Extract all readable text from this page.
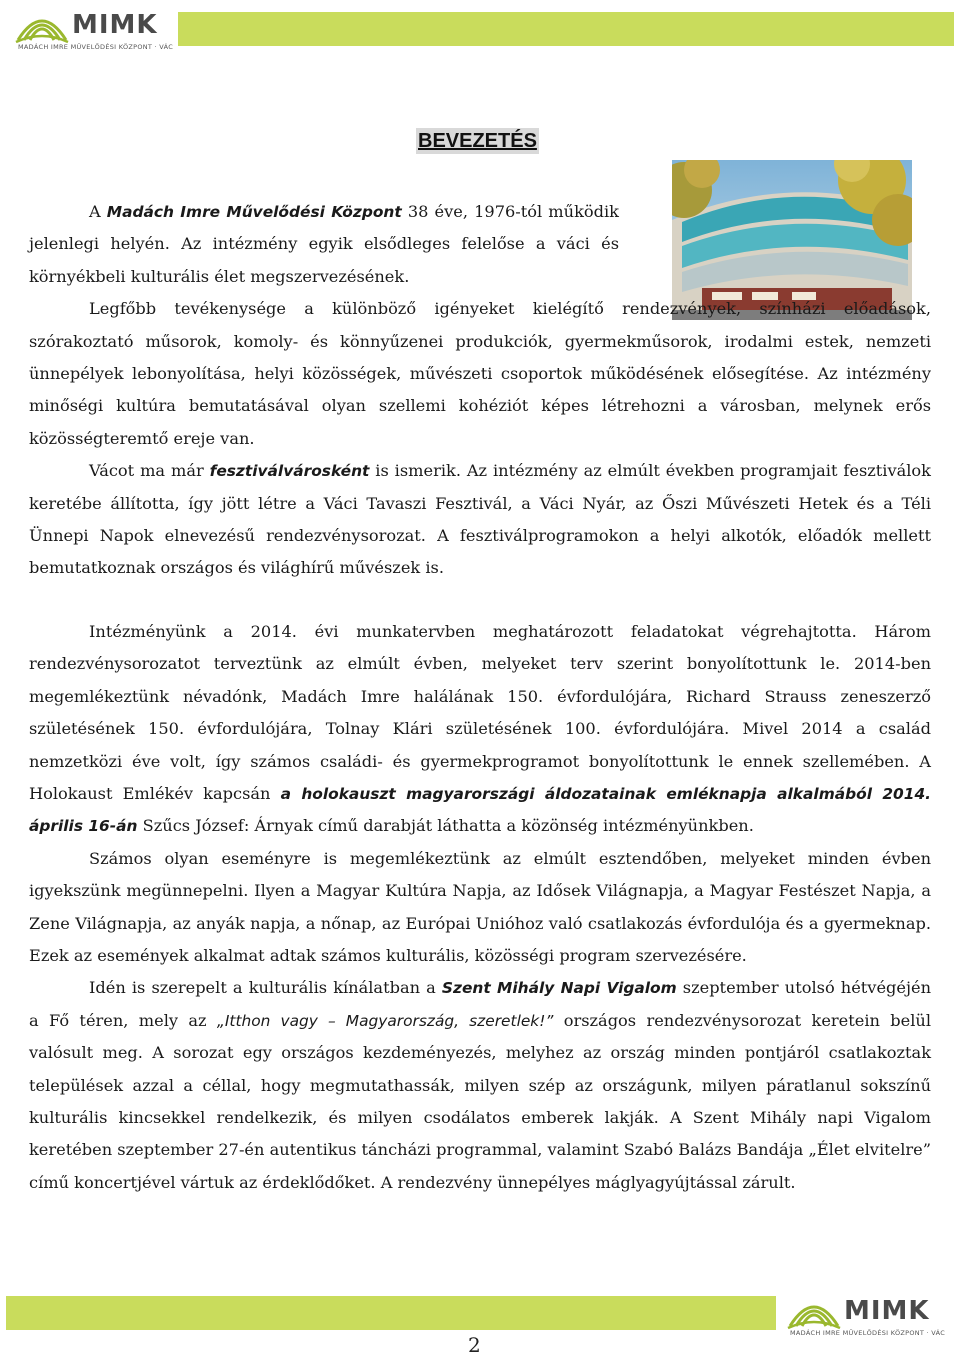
MIMK
MADÁCH IMRE MŰVELŐDÉSI KÖZPONT · VÁC
BEVEZETÉS

A Madách Imre Művelődési Központ 38 éve, 1976-tól működik jelenlegi helyén. Az intézmény egyik elsődleges felelőse a váci és környékbeli kulturális élet megszervezésének.

Legfőbb tevékenysége a különböző igényeket kielégítő rendezvények, színházi előadások, szórakoztató műsorok, komoly- és könnyűzenei produkciók, gyermekműsorok, irodalmi estek, nemzeti ünnepélyek lebonyolítása, helyi közösségek, művészeti csoportok működésének elősegítése. Az intézmény minőségi kultúra bemutatásával olyan szellemi kohéziót képes létrehozni a városban, melynek erős közösségteremtő ereje van.

Vácot ma már fesztiválvárosként is ismerik. Az intézmény az elmúlt években programjait fesztiválok keretébe állította, így jött létre a Váci Tavaszi Fesztivál, a Váci Nyár, az Őszi Művészeti Hetek és a Téli Ünnepi Napok elnevezésű rendezvénysorozat. A fesztiválprogramokon a helyi alkotók, előadók mellett bemutatkoznak országos és világhírű művészek is.

Intézményünk a 2014. évi munkatervben meghatározott feladatokat végrehajtotta. Három rendezvénysorozatot terveztünk az elmúlt évben, melyeket terv szerint bonyolítottunk le. 2014-ben megemlékeztünk névadónk, Madách Imre halálának 150. évfordulójára, Richard Strauss zeneszerző születésének 150. évfordulójára, Tolnay Klári születésének 100. évfordulójára. Mivel 2014 a család nemzetközi éve volt, így számos családi- és gyermekprogramot bonyolítottunk le ennek szellemében. A Holokaust Emlékév kapcsán a holokauszt magyarországi áldozatainak emléknapja alkalmából 2014. április 16-án Szűcs József: Árnyak című darabját láthatta a közönség intézményünkben.

Számos olyan eseményre is megemlékeztünk az elmúlt esztendőben, melyeket minden évben igyekszünk megünnepelni. Ilyen a Magyar Kultúra Napja, az Idősek Világnapja, a Magyar Festészet Napja, a Zene Világnapja, az anyák napja, a nőnap, az Európai Unióhoz való csatlakozás évfordulója és a gyermeknap. Ezek az események alkalmat adtak számos kulturális, közösségi program szervezésére.

Idén is szerepelt a kulturális kínálatban a Szent Mihály Napi Vigalom szeptember utolsó hétvégéjén a Fő téren, mely az „Itthon vagy – Magyarország, szeretlek!” országos rendezvénysorozat keretein belül valósult meg. A sorozat egy országos kezdeményezés, melyhez az ország minden pontjáról csatlakoztak települések azzal a céllal, hogy megmutathassák, milyen szép az országunk, milyen páratlanul sokszínű kulturális kincsekkel rendelkezik, és milyen csodálatos emberek lakják. A Szent Mihály napi Vigalom keretében szeptember 27-én autentikus táncházi programmal, valamint Szabó Balázs Bandája „Élet elvitelre” című koncertjével vártuk az érdeklődőket. A rendezvény ünnepélyes máglyagyújtással zárult.

MIMK
MADÁCH IMRE MŰVELŐDÉSI KÖZPONT · VÁC
2
